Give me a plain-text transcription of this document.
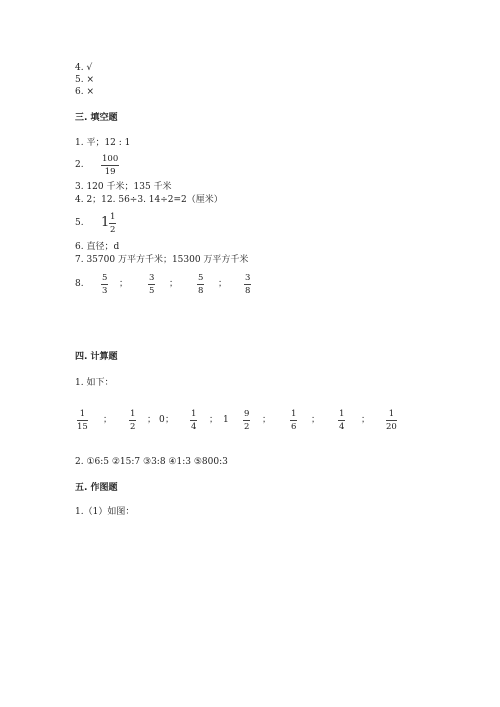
4. √
5. ×
6. ×
三. 填空题
1. 平；12 : 1
2.
100
19
3. 120 千米；135 千米
4. 2；12. 56÷3. 14÷2=2（厘米）
5. 1 1
2
6. 直径；d
7. 35700 万平方千米；15300 万平方千米
8.
5
3
；
3
5
；
5
8
；
3
8
四. 计算题
1. 如下：
1
15
；
1
2
； 0 ；
1
4
； 1
9
2
；
1
6
；
1
4
；
1
20
2. ①6:5 ②15:7 ③3:8 ④1:3 ⑤800:3
五. 作图题
1.（1）如图：
